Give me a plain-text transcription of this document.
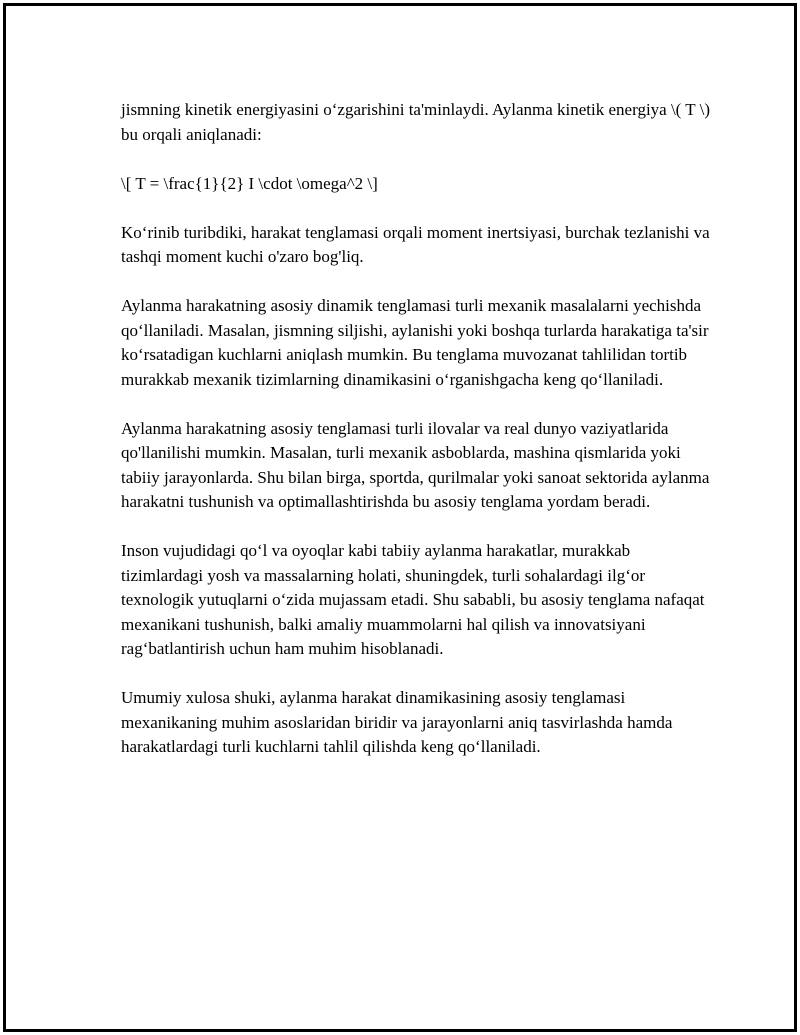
jismning kinetik energiyasini o‘zgarishini ta'minlaydi. Aylanma kinetik energiya \( T \) bu orqali aniqlanadi:

\[ T = \frac{1}{2} I \cdot \omega^2 \]

Ko‘rinib turibdiki, harakat tenglamasi orqali moment inertsiyasi, burchak tezlanishi va tashqi moment kuchi o'zaro bog'liq.

Aylanma harakatning asosiy dinamik tenglamasi turli mexanik masalalarni yechishda qo‘llaniladi. Masalan, jismning siljishi, aylanishi yoki boshqa turlarda harakatiga ta'sir ko‘rsatadigan kuchlarni aniqlash mumkin. Bu tenglama muvozanat tahlilidan tortib murakkab mexanik tizimlarning dinamikasini o‘rganishgacha keng qo‘llaniladi.

Aylanma harakatning asosiy tenglamasi turli ilovalar va real dunyo vaziyatlarida qo'llanilishi mumkin. Masalan, turli mexanik asboblarda, mashina qismlarida yoki tabiiy jarayonlarda. Shu bilan birga, sportda, qurilmalar yoki sanoat sektorida aylanma harakatni tushunish va optimallashtirishda bu asosiy tenglama yordam beradi.

Inson vujudidagi qo‘l va oyoqlar kabi tabiiy aylanma harakatlar, murakkab tizimlardagi yosh va massalarning holati, shuningdek, turli sohalardagi ilg‘or texnologik yutuqlarni o‘zida mujassam etadi. Shu sababli, bu asosiy tenglama nafaqat mexanikani tushunish, balki amaliy muammolarni hal qilish va innovatsiyani rag‘batlantirish uchun ham muhim hisoblanadi.

Umumiy xulosa shuki, aylanma harakat dinamikasining asosiy tenglamasi mexanikaning muhim asoslaridan biridir va jarayonlarni aniq tasvirlashda hamda harakatlardagi turli kuchlarni tahlil qilishda keng qo‘llaniladi.
